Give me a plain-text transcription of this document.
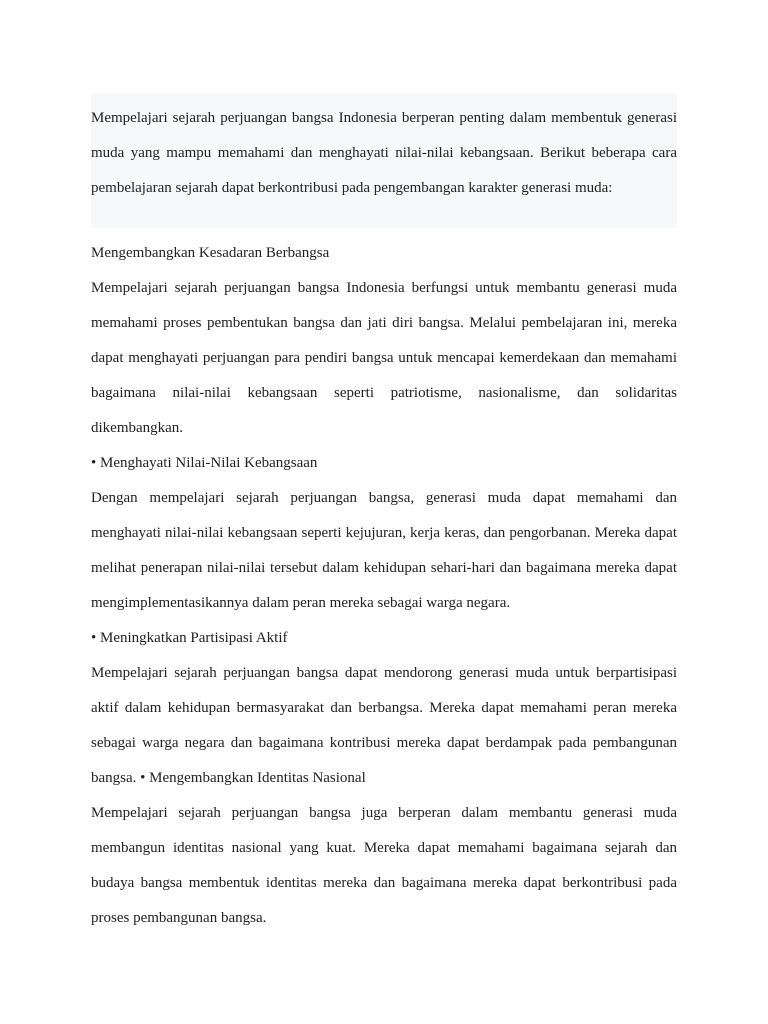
Mempelajari sejarah perjuangan bangsa Indonesia berperan penting dalam membentuk generasi muda yang mampu memahami dan menghayati nilai-nilai kebangsaan. Berikut beberapa cara pembelajaran sejarah dapat berkontribusi pada pengembangan karakter generasi muda:

Mengembangkan Kesadaran Berbangsa

Mempelajari sejarah perjuangan bangsa Indonesia berfungsi untuk membantu generasi muda memahami proses pembentukan bangsa dan jati diri bangsa. Melalui pembelajaran ini, mereka dapat menghayati perjuangan para pendiri bangsa untuk mencapai kemerdekaan dan memahami bagaimana nilai-nilai kebangsaan seperti patriotisme, nasionalisme, dan solidaritas dikembangkan.

• Menghayati Nilai-Nilai Kebangsaan

Dengan mempelajari sejarah perjuangan bangsa, generasi muda dapat memahami dan menghayati nilai-nilai kebangsaan seperti kejujuran, kerja keras, dan pengorbanan. Mereka dapat melihat penerapan nilai-nilai tersebut dalam kehidupan sehari-hari dan bagaimana mereka dapat mengimplementasikannya dalam peran mereka sebagai warga negara.

• Meningkatkan Partisipasi Aktif

Mempelajari sejarah perjuangan bangsa dapat mendorong generasi muda untuk berpartisipasi aktif dalam kehidupan bermasyarakat dan berbangsa. Mereka dapat memahami peran mereka sebagai warga negara dan bagaimana kontribusi mereka dapat berdampak pada pembangunan bangsa. • Mengembangkan Identitas Nasional

Mempelajari sejarah perjuangan bangsa juga berperan dalam membantu generasi muda membangun identitas nasional yang kuat. Mereka dapat memahami bagaimana sejarah dan budaya bangsa membentuk identitas mereka dan bagaimana mereka dapat berkontribusi pada proses pembangunan bangsa.
